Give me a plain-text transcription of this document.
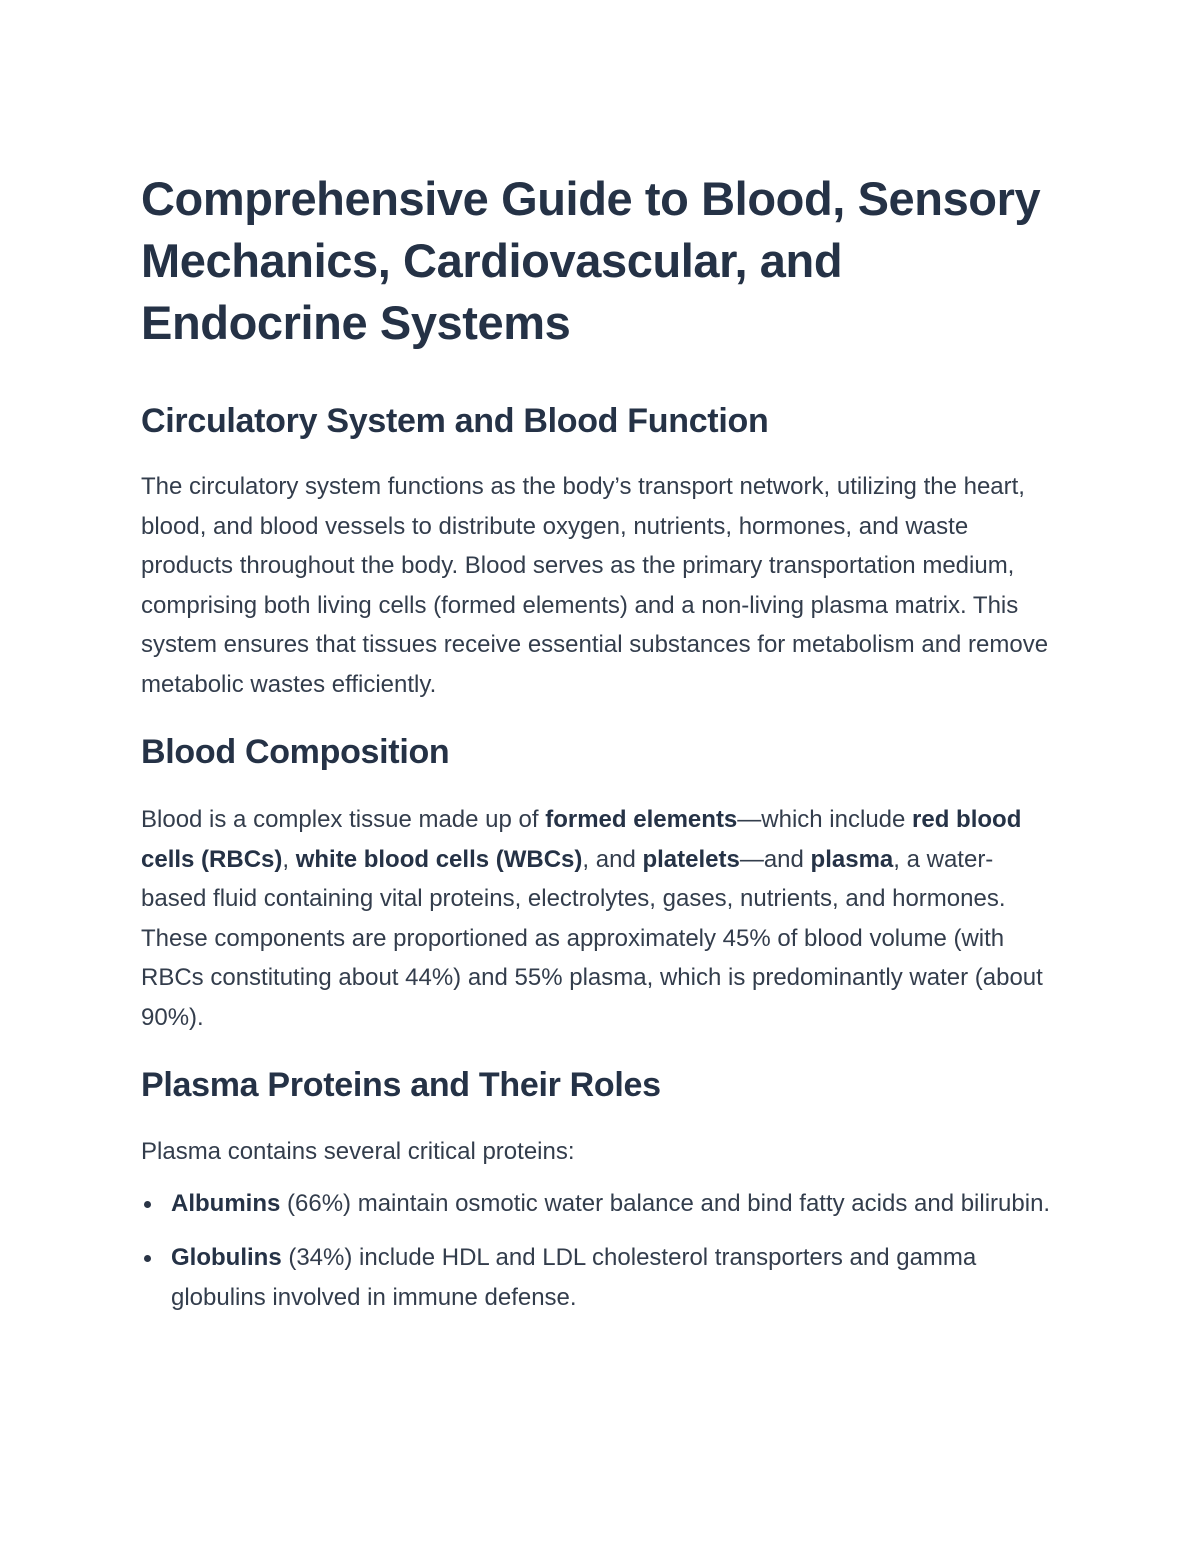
Comprehensive Guide to Blood, Sensory Mechanics, Cardiovascular, and Endocrine Systems
Circulatory System and Blood Function

The circulatory system functions as the body’s transport network, utilizing the heart, blood, and blood vessels to distribute oxygen, nutrients, hormones, and waste products throughout the body. Blood serves as the primary transportation medium, comprising both living cells (formed elements) and a non-living plasma matrix. This system ensures that tissues receive essential substances for metabolism and remove metabolic wastes efficiently.

Blood Composition

Blood is a complex tissue made up of formed elements—which include red blood cells (RBCs), white blood cells (WBCs), and platelets—and plasma, a water-based fluid containing vital proteins, electrolytes, gases, nutrients, and hormones. These components are proportioned as approximately 45% of blood volume (with RBCs constituting about 44%) and 55% plasma, which is predominantly water (about 90%).

Plasma Proteins and Their Roles

Plasma contains several critical proteins:

Albumins (66%) maintain osmotic water balance and bind fatty acids and bilirubin.
Globulins (34%) include HDL and LDL cholesterol transporters and gamma globulins involved in immune defense.
